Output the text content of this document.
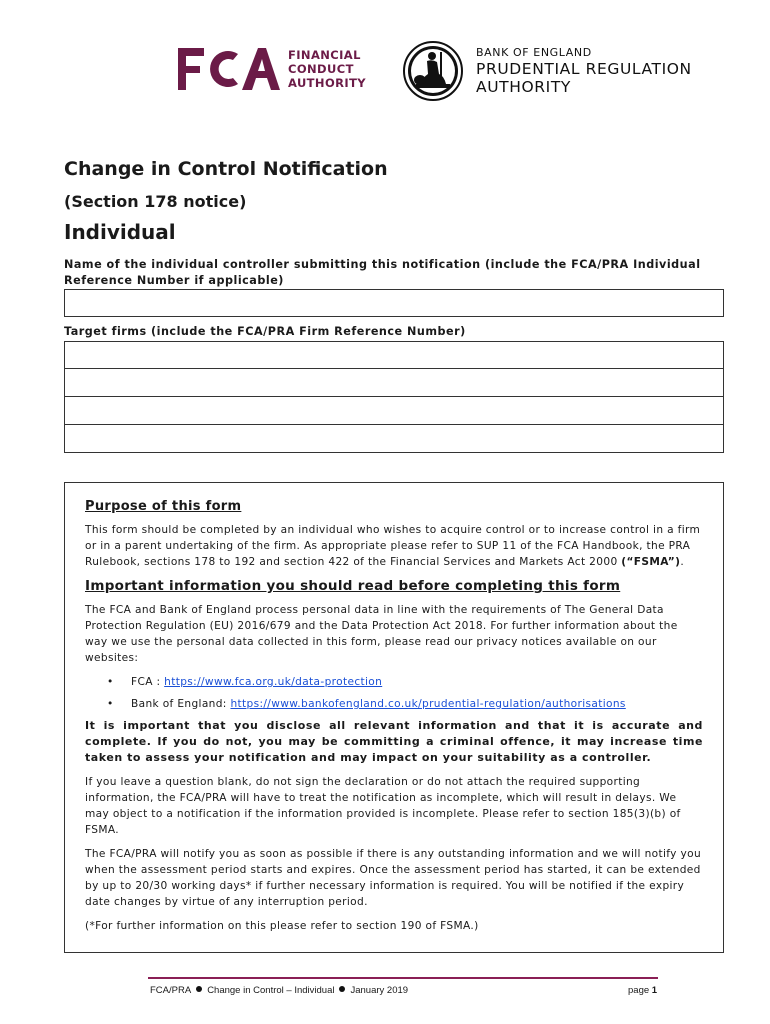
FINANCIAL
CONDUCT
AUTHORITY
BANK OF ENGLAND
PRUDENTIAL REGULATION
AUTHORITY
Change in Control Notification
(Section 178 notice)
Individual
Name of the individual controller submitting this notification (include the FCA/PRA Individual Reference Number if applicable)
Target firms (include the FCA/PRA Firm Reference Number)
Purpose of this form

This form should be completed by an individual who wishes to acquire control or to increase control in a firm or in a parent undertaking of the firm. As appropriate please refer to SUP 11 of the FCA Handbook, the PRA Rulebook, sections 178 to 192 and section 422 of the Financial Services and Markets Act 2000 (“FSMA”).

Important information you should read before completing this form

The FCA and Bank of England process personal data in line with the requirements of The General Data Protection Regulation (EU) 2016/679 and the Data Protection Act 2018. For further information about the way we use the personal data collected in this form, please read our privacy notices available on our websites:

• FCA : https://www.fca.org.uk/data-protection
• Bank of England: https://www.bankofengland.co.uk/prudential-regulation/authorisations

It is important that you disclose all relevant information and that it is accurate and complete. If you do not, you may be committing a criminal offence, it may increase time taken to assess your notification and may impact on your suitability as a controller.

If you leave a question blank, do not sign the declaration or do not attach the required supporting information, the FCA/PRA will have to treat the notification as incomplete, which will result in delays. We may object to a notification if the information provided is incomplete. Please refer to section 185(3)(b) of FSMA.

The FCA/PRA will notify you as soon as possible if there is any outstanding information and we will notify you when the assessment period starts and expires. Once the assessment period has started, it can be extended by up to 20/30 working days* if further necessary information is required. You will be notified if the expiry date changes by virtue of any interruption period.

(*For further information on this please refer to section 190 of FSMA.)

FCA/PRA Change in Control – Individual January 2019	page 1
